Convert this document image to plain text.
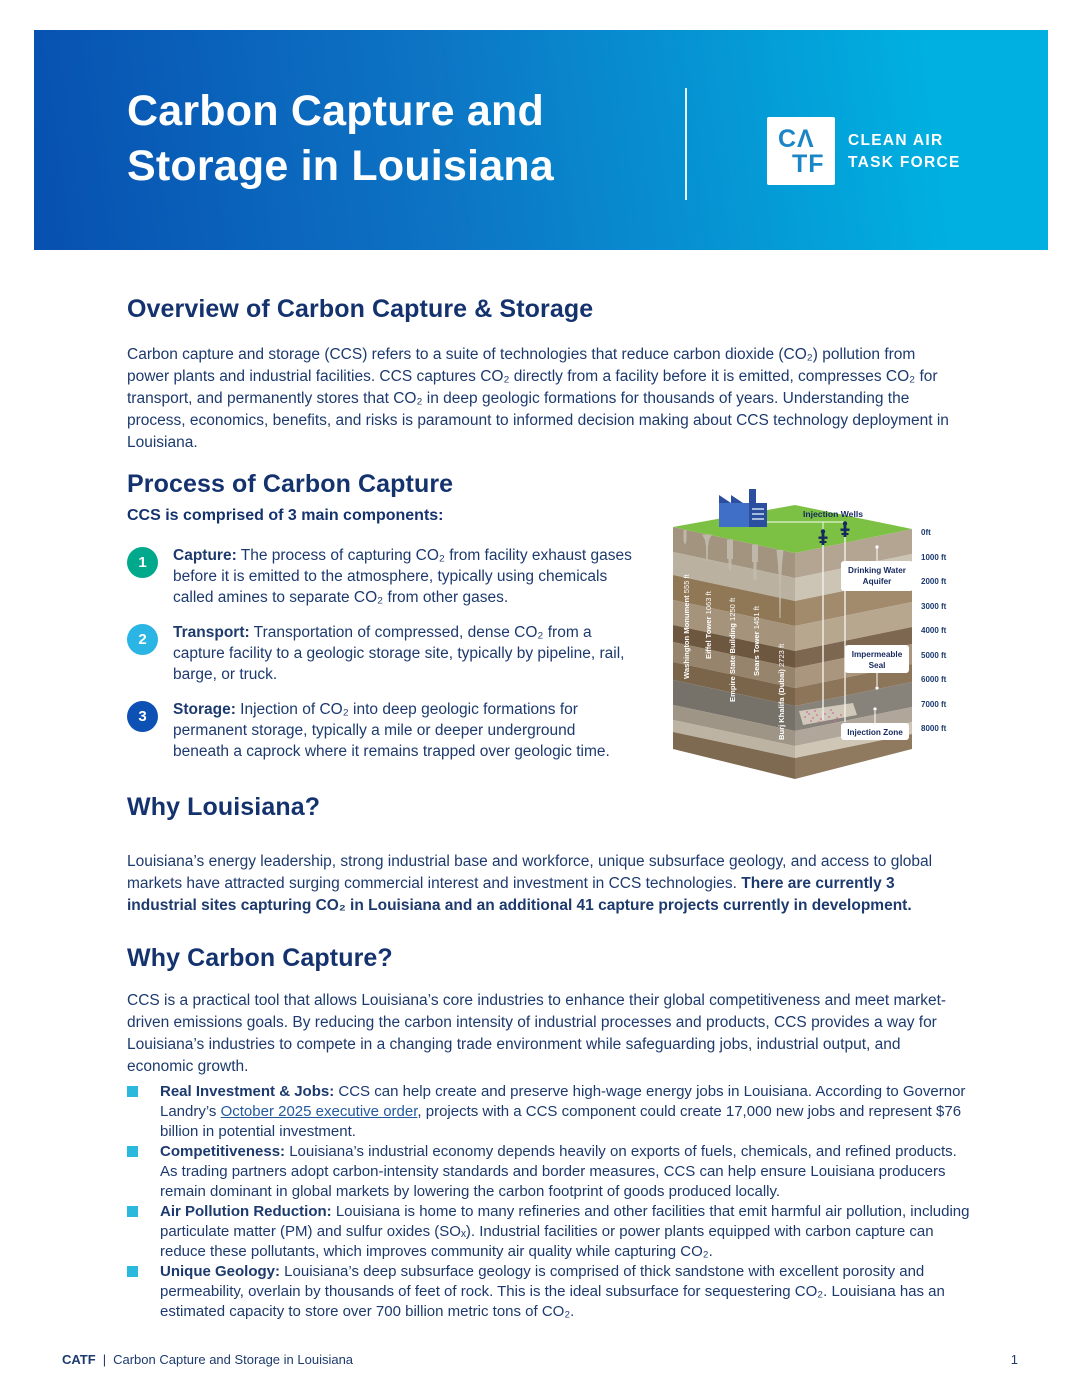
Carbon Capture and
Storage in Louisiana
CΛ
TF
CLEAN AIR
TASK FORCE
Overview of Carbon Capture & Storage
Carbon capture and storage (CCS) refers to a suite of technologies that reduce carbon dioxide (CO₂) pollution from power plants and industrial facilities. CCS captures CO₂ directly from a facility before it is emitted, compresses CO₂ for transport, and permanently stores that CO₂ in deep geologic formations for thousands of years. Understanding the process, economics, benefits, and risks is paramount to informed decision making about CCS technology deployment in Louisiana.
Process of Carbon Capture
CCS is comprised of 3 main components:
1	Capture: The process of capturing CO₂ from facility exhaust gases before it is emitted to the atmosphere, typically using chemicals called amines to separate CO₂ from other gases.
2	Transport: Transportation of compressed, dense CO₂ from a capture facility to a geologic storage site, typically by pipeline, rail, barge, or truck.
3	Storage: Injection of CO₂ into deep geologic formations for permanent storage, typically a mile or deeper underground beneath a caprock where it remains trapped over geologic time.
Washington Monument 555 ft
Eiffel Tower 1063 ft
Empire State Building 1250 ft
Sears Tower 1451 ft
Burj Khalifa (Dubai) 2723 ft
Injection Wells
Drinking Water
Aquifer
Impermeable
Seal
Injection Zone
0ft
1000 ft
2000 ft
3000 ft
4000 ft
5000 ft
6000 ft
7000 ft
8000 ft
Why Louisiana?
Louisiana’s energy leadership, strong industrial base and workforce, unique subsurface geology, and access to global markets have attracted surging commercial interest and investment in CCS technologies. There are currently 3 industrial sites capturing CO₂ in Louisiana and an additional 41 capture projects currently in development.
Why Carbon Capture?
CCS is a practical tool that allows Louisiana’s core industries to enhance their global competitiveness and meet market-driven emissions goals. By reducing the carbon intensity of industrial processes and products, CCS provides a way for Louisiana’s industries to compete in a changing trade environment while safeguarding jobs, industrial output, and economic growth.
Real Investment & Jobs: CCS can help create and preserve high-wage energy jobs in Louisiana. According to Governor Landry’s October 2025 executive order, projects with a CCS component could create 17,000 new jobs and represent $76 billion in potential investment.
Competitiveness: Louisiana’s industrial economy depends heavily on exports of fuels, chemicals, and refined products. As trading partners adopt carbon-intensity standards and border measures, CCS can help ensure Louisiana producers remain dominant in global markets by lowering the carbon footprint of goods produced locally.
Air Pollution Reduction: Louisiana is home to many refineries and other facilities that emit harmful air pollution, including particulate matter (PM) and sulfur oxides (SOₓ). Industrial facilities or power plants equipped with carbon capture can reduce these pollutants, which improves community air quality while capturing CO₂.
Unique Geology: Louisiana’s deep subsurface geology is comprised of thick sandstone with excellent porosity and permeability, overlain by thousands of feet of rock. This is the ideal subsurface for sequestering CO₂. Louisiana has an estimated capacity to store over 700 billion metric tons of CO₂.
CATF | Carbon Capture and Storage in Louisiana	1
